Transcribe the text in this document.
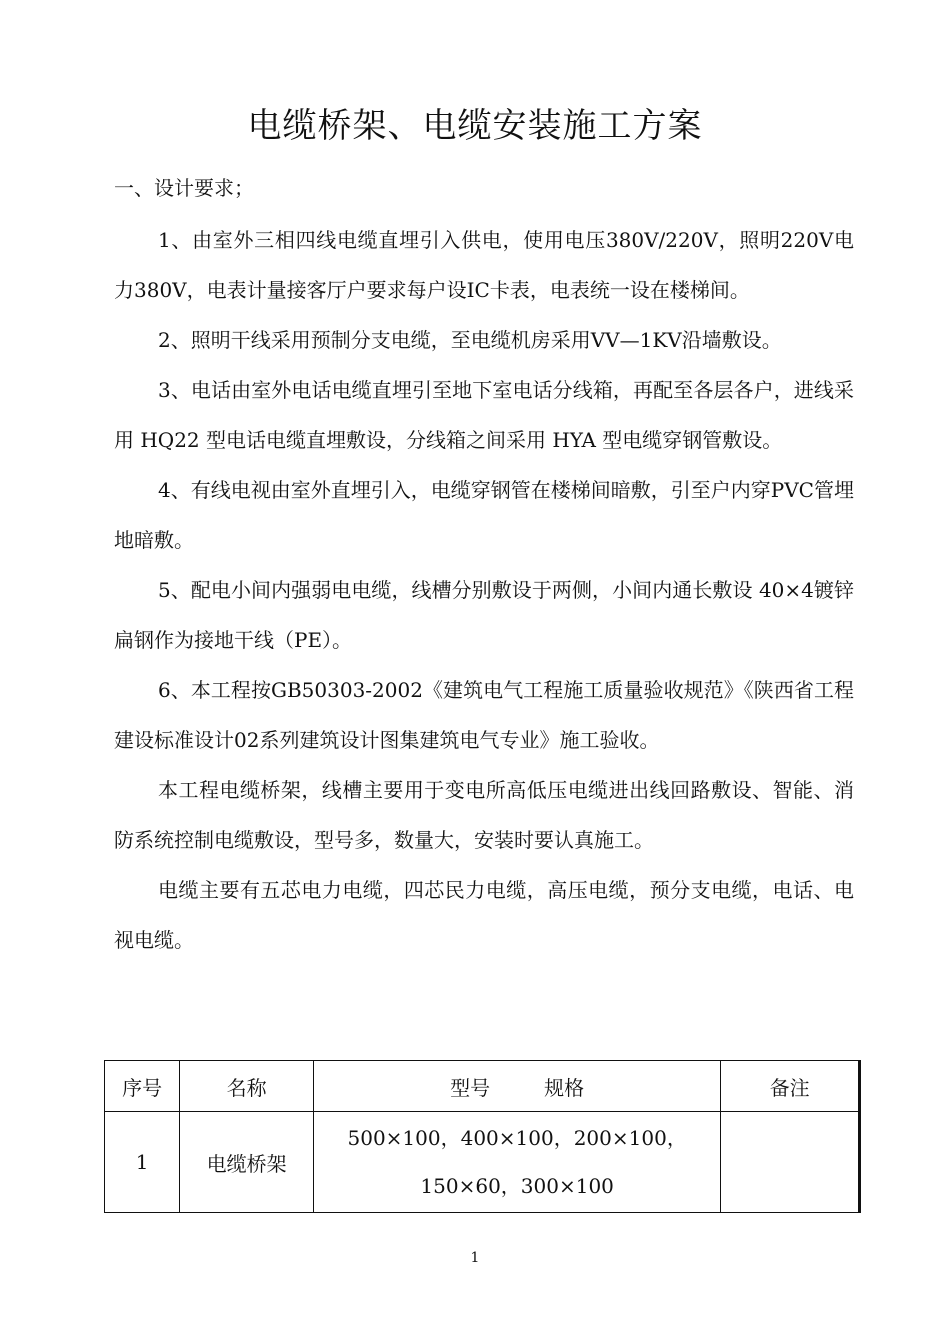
电缆桥架、电缆安装施工方案
一、设计要求；

1、由室外三相四线电缆直埋引入供电，使用电压380V/220V，照明220V电力380V，电表计量接客厅户要求每户设IC卡表，电表统一设在楼梯间。

2、照明干线采用预制分支电缆，至电缆机房采用VV—1KV沿墙敷设。

3、电话由室外电话电缆直埋引至地下室电话分线箱，再配至各层各户，进线采用 HQ22 型电话电缆直埋敷设，分线箱之间采用 HYA 型电缆穿钢管敷设。

4、有线电视由室外直埋引入，电缆穿钢管在楼梯间暗敷，引至户内穿PVC管埋地暗敷。

5、配电小间内强弱电电缆，线槽分别敷设于两侧，小间内通长敷设 40×4镀锌扁钢作为接地干线（PE）。

6、本工程按GB50303-2002《建筑电气工程施工质量验收规范》《陕西省工程建设标准设计02系列建筑设计图集建筑电气专业》施工验收。

本工程电缆桥架，线槽主要用于变电所高低压电缆进出线回路敷设、智能、消防系统控制电缆敷设，型号多，数量大，安装时要认真施工。

电缆主要有五芯电力电缆，四芯民力电缆，高压电缆，预分支电缆，电话、电视电缆。

序号	名称	型号 规格	备注
1	电缆桥架	500×100，400×100，200×100，
150×60，300×100	

1
